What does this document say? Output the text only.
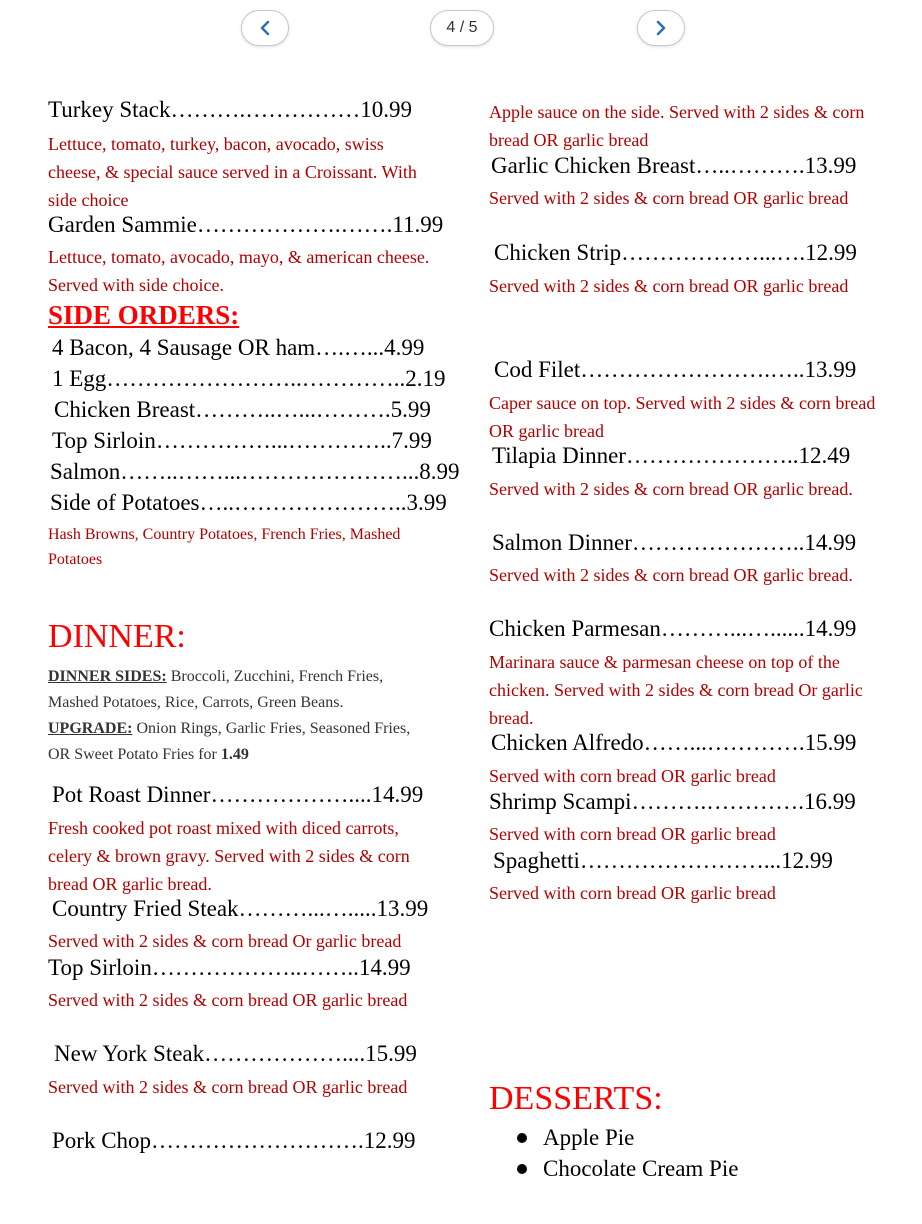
4 / 5
Turkey Stack……….……………10.99
Lettuce, tomato, turkey, bacon, avocado, swiss cheese, & special sauce served in a Croissant. With side choice
Garden Sammie……………….…….11.99
Lettuce, tomato, avocado, mayo, & american cheese. Served with side choice.
SIDE ORDERS:
4 Bacon, 4 Sausage OR ham….…...4.99
1 Egg……………………..…………..2.19
Chicken Breast………..…...……….5.99
Top Sirloin……………...…………..7.99
Salmon……..……...…………………...8.99
Side of Potatoes…..…………………..3.99
Hash Browns, Country Potatoes, French Fries, Mashed Potatoes
DINNER:
DINNER SIDES: Broccoli, Zucchini, French Fries, Mashed Potatoes, Rice, Carrots, Green Beans.
UPGRADE: Onion Rings, Garlic Fries, Seasoned Fries, OR Sweet Potato Fries for 1.49
Pot Roast Dinner………………....14.99
Fresh cooked pot roast mixed with diced carrots, celery & brown gravy. Served with 2 sides & corn bread OR garlic bread.
Country Fried Steak………...….....13.99
Served with 2 sides & corn bread Or garlic bread
Top Sirloin………………..……..14.99
Served with 2 sides & corn bread OR garlic bread
New York Steak………………....15.99
Served with 2 sides & corn bread OR garlic bread
Pork Chop……………………….12.99
Apple sauce on the side. Served with 2 sides & corn bread OR garlic bread
Garlic Chicken Breast…..……….13.99
Served with 2 sides & corn bread OR garlic bread
Chicken Strip………………...….12.99
Served with 2 sides & corn bread OR garlic bread
Cod Filet…………………….…..13.99
Caper sauce on top. Served with 2 sides & corn bread OR garlic bread
Tilapia Dinner…………………..12.49
Served with 2 sides & corn bread OR garlic bread.
Salmon Dinner…………………..14.99
Served with 2 sides & corn bread OR garlic bread.
Chicken Parmesan………...…......14.99
Marinara sauce & parmesan cheese on top of the chicken. Served with 2 sides & corn bread Or garlic bread.
Chicken Alfredo……...………….15.99
Served with corn bread OR garlic bread
Shrimp Scampi……….………….16.99
Served with corn bread OR garlic bread
Spaghetti……………………...12.99
Served with corn bread OR garlic bread
DESSERTS:
Apple Pie
Chocolate Cream Pie
